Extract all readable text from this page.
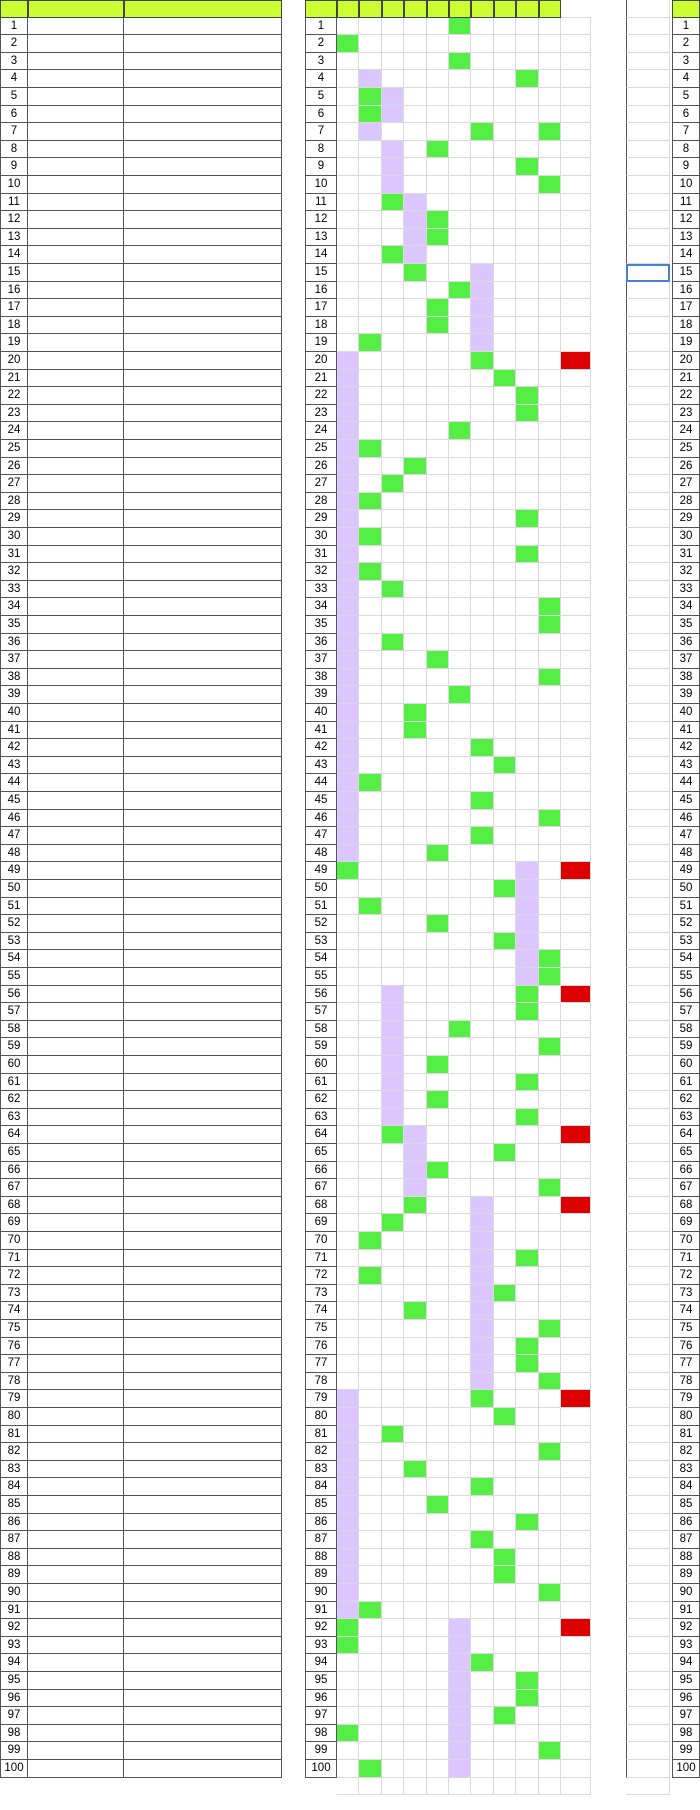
1	1	1
2	2	2
3	3	3
4	4	4
5	5	5
6	6	6
7	7	7
8	8	8
9	9	9
10	10	10
11	11	11
12	12	12
13	13	13
14	14	14
15	15	15
16	16	16
17	17	17
18	18	18
19	19	19
20	20	20
21	21	21
22	22	22
23	23	23
24	24	24
25	25	25
26	26	26
27	27	27
28	28	28
29	29	29
30	30	30
31	31	31
32	32	32
33	33	33
34	34	34
35	35	35
36	36	36
37	37	37
38	38	38
39	39	39
40	40	40
41	41	41
42	42	42
43	43	43
44	44	44
45	45	45
46	46	46
47	47	47
48	48	48
49	49	49
50	50	50
51	51	51
52	52	52
53	53	53
54	54	54
55	55	55
56	56	56
57	57	57
58	58	58
59	59	59
60	60	60
61	61	61
62	62	62
63	63	63
64	64	64
65	65	65
66	66	66
67	67	67
68	68	68
69	69	69
70	70	70
71	71	71
72	72	72
73	73	73
74	74	74
75	75	75
76	76	76
77	77	77
78	78	78
79	79	79
80	80	80
81	81	81
82	82	82
83	83	83
84	84	84
85	85	85
86	86	86
87	87	87
88	88	88
89	89	89
90	90	90
91	91	91
92	92	92
93	93	93
94	94	94
95	95	95
96	96	96
97	97	97
98	98	98
99	99	99
100	100	100
